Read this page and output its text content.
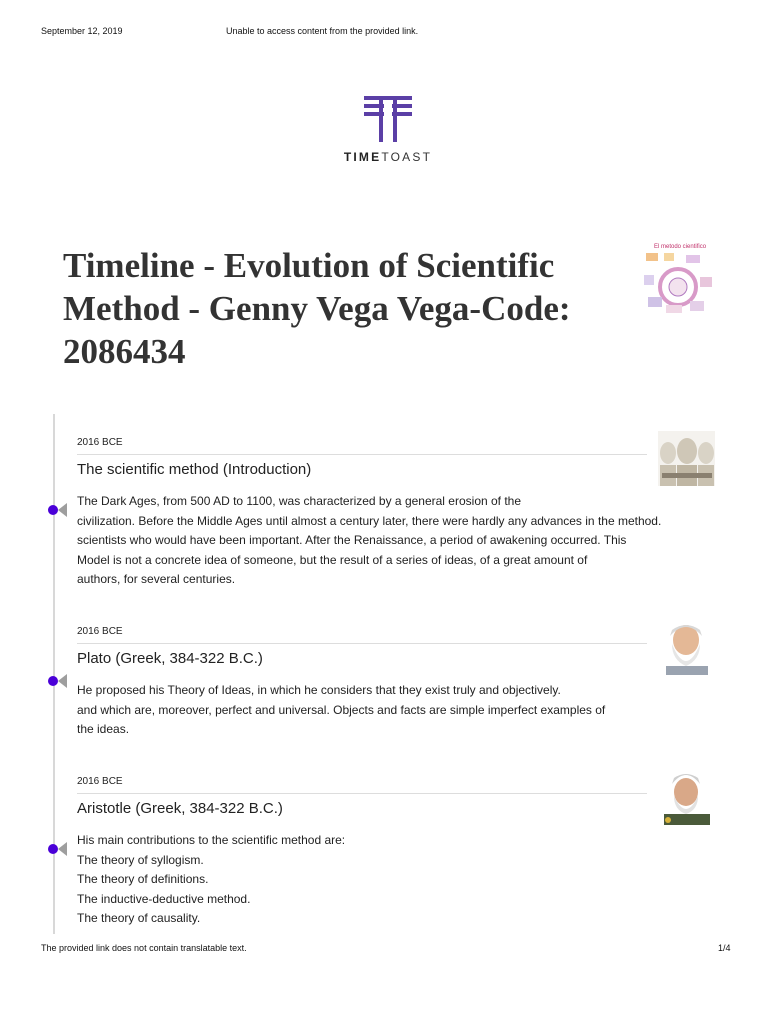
September 12, 2019	Unable to access content from the provided link.
TIMETOAST
Timeline - Evolution of Scientific Method - Genny Vega Vega-Code: 2086434
El metodo cientifico
2016 BCE
The scientific method (Introduction)
The Dark Ages, from 500 AD to 1100, was characterized by a general erosion of the
civilization. Before the Middle Ages until almost a century later, there were hardly any advances in the method.
scientists who would have been important. After the Renaissance, a period of awakening occurred. This
Model is not a concrete idea of someone, but the result of a series of ideas, of a great amount of
authors, for several centuries.
2016 BCE
Plato (Greek, 384-322 B.C.)
He proposed his Theory of Ideas, in which he considers that they exist truly and objectively.
and which are, moreover, perfect and universal. Objects and facts are simple imperfect examples of
the ideas.
2016 BCE
Aristotle (Greek, 384-322 B.C.)
His main contributions to the scientific method are:
The theory of syllogism.
The theory of definitions.
The inductive-deductive method.
The theory of causality.
The provided link does not contain translatable text.	1/4
